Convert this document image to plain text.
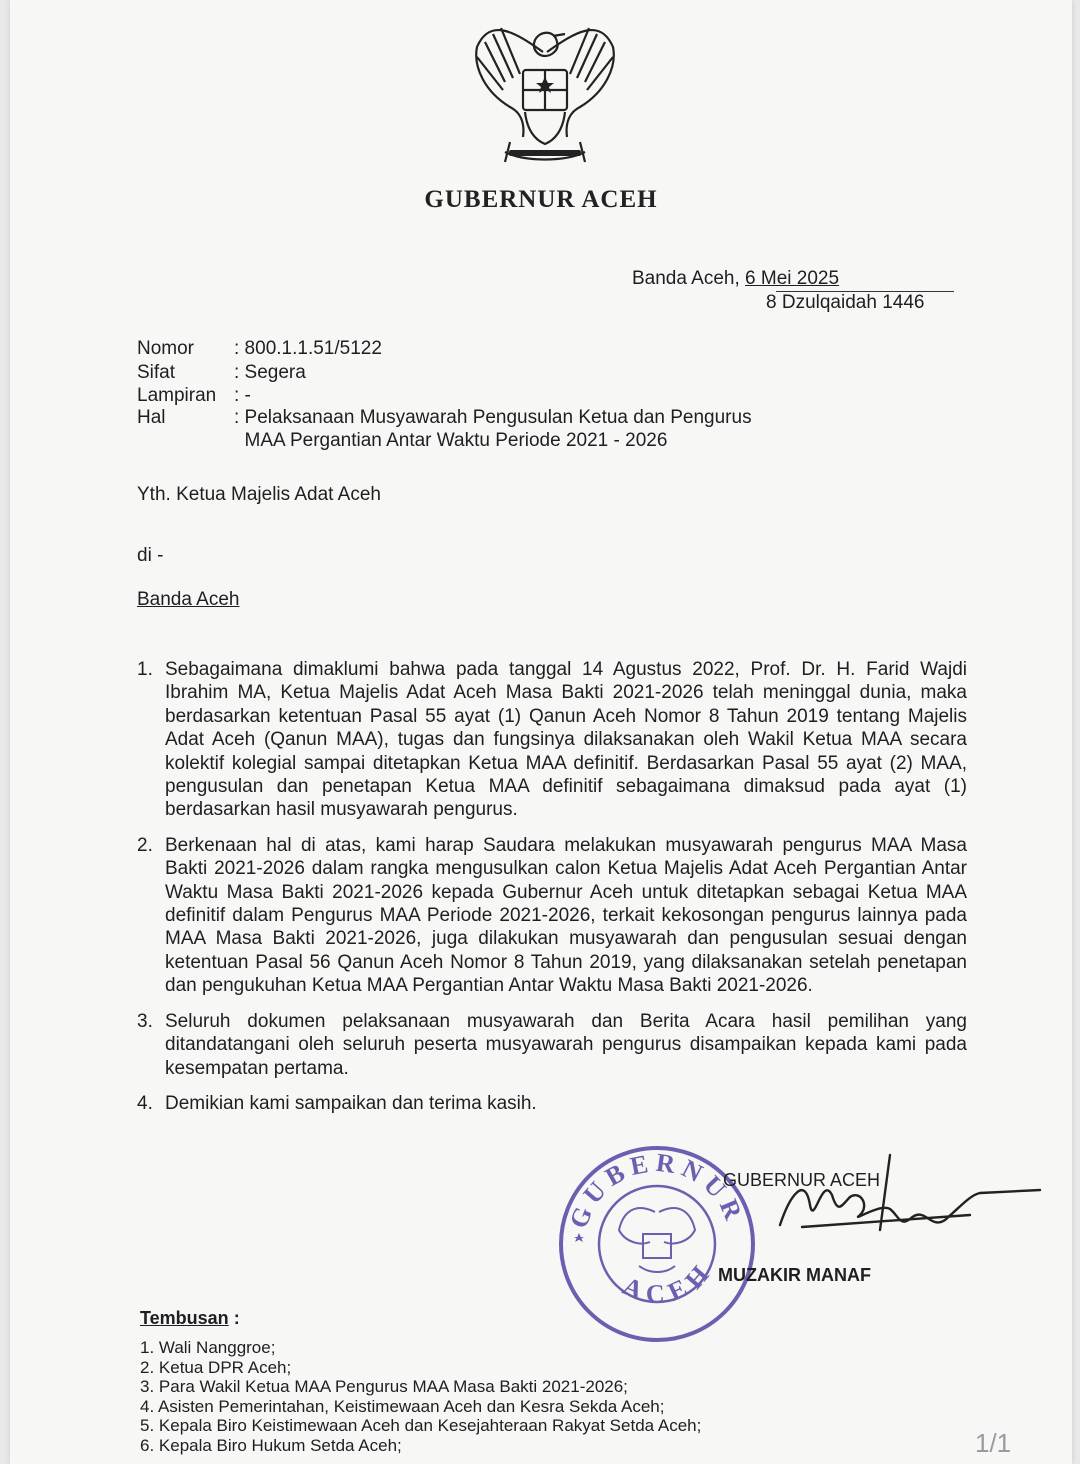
GUBERNUR ACEH
Banda Aceh, 6 Mei 2025
8 Dzulqaidah 1446
Nomor : 800.1.1.51/5122
Sifat	: Segera
Lampiran : -
Hal	: Pelaksanaan Musyawarah Pengusulan Ketua dan Pengurus
MAA Pergantian Antar Waktu Periode 2021 - 2026
Yth. Ketua Majelis Adat Aceh
di -
Banda Aceh
1. Sebagaimana dimaklumi bahwa pada tanggal 14 Agustus 2022, Prof. Dr. H. Farid Wajdi Ibrahim MA, Ketua Majelis Adat Aceh Masa Bakti 2021-2026 telah meninggal dunia, maka berdasarkan ketentuan Pasal 55 ayat (1) Qanun Aceh Nomor 8 Tahun 2019 tentang Majelis Adat Aceh (Qanun MAA), tugas dan fungsinya dilaksanakan oleh Wakil Ketua MAA secara kolektif kolegial sampai ditetapkan Ketua MAA definitif. Berdasarkan Pasal 55 ayat (2) MAA, pengusulan dan penetapan Ketua MAA definitif sebagaimana dimaksud pada ayat (1) berdasarkan hasil musyawarah pengurus.
2. Berkenaan hal di atas, kami harap Saudara melakukan musyawarah pengurus MAA Masa Bakti 2021-2026 dalam rangka mengusulkan calon Ketua Majelis Adat Aceh Pergantian Antar Waktu Masa Bakti 2021-2026 kepada Gubernur Aceh untuk ditetapkan sebagai Ketua MAA definitif dalam Pengurus MAA Periode 2021-2026, terkait kekosongan pengurus lainnya pada MAA Masa Bakti 2021-2026, juga dilakukan musyawarah dan pengusulan sesuai dengan ketentuan Pasal 56 Qanun Aceh Nomor 8 Tahun 2019, yang dilaksanakan setelah penetapan dan pengukuhan Ketua MAA Pergantian Antar Waktu Masa Bakti 2021-2026.
3. Seluruh dokumen pelaksanaan musyawarah dan Berita Acara hasil pemilihan yang ditandatangani oleh seluruh peserta musyawarah pengurus disampaikan kepada kami pada kesempatan pertama.
4. Demikian kami sampaikan dan terima kasih.
GUBERNUR
ACEH
GUBERNUR ACEH
MUZAKIR MANAF
Tembusan :
1. Wali Nanggroe;
2. Ketua DPR Aceh;
3. Para Wakil Ketua MAA Pengurus MAA Masa Bakti 2021-2026;
4. Asisten Pemerintahan, Keistimewaan Aceh dan Kesra Sekda Aceh;
5. Kepala Biro Keistimewaan Aceh dan Kesejahteraan Rakyat Setda Aceh;
6. Kepala Biro Hukum Setda Aceh;	1/1
